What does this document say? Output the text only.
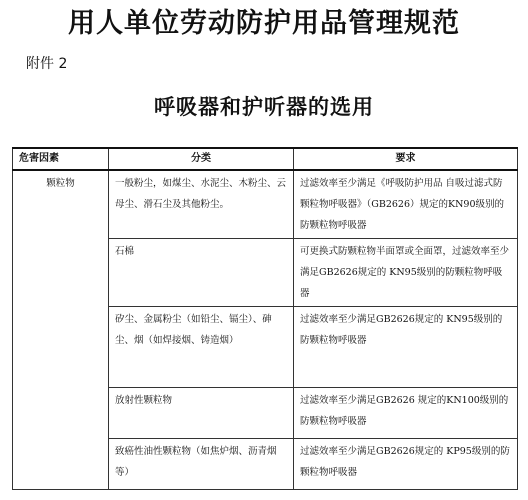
用人单位劳动防护用品管理规范
附件 2
呼吸器和护听器的选用
危害因素	分类	要求
颗粒物	一般粉尘，如煤尘、水泥尘、木粉尘、云母尘、滑石尘及其他粉尘。	过滤效率至少满足《呼吸防护用品 自吸过滤式防颗粒物呼吸器》（GB2626）规定的KN90级别的防颗粒物呼吸器
	石棉	可更换式防颗粒物半面罩或全面罩，过滤效率至少满足GB2626规定的 KN95级别的防颗粒物呼吸器
	矽尘、金属粉尘（如铅尘、镉尘）、砷尘、烟（如焊接烟、铸造烟）	过滤效率至少满足GB2626规定的 KN95级别的防颗粒物呼吸器
	放射性颗粒物	过滤效率至少满足GB2626 规定的KN100级别的防颗粒物呼吸器
	致癌性油性颗粒物（如焦炉烟、沥青烟等）	过滤效率至少满足GB2626规定的 KP95级别的防颗粒物呼吸器
